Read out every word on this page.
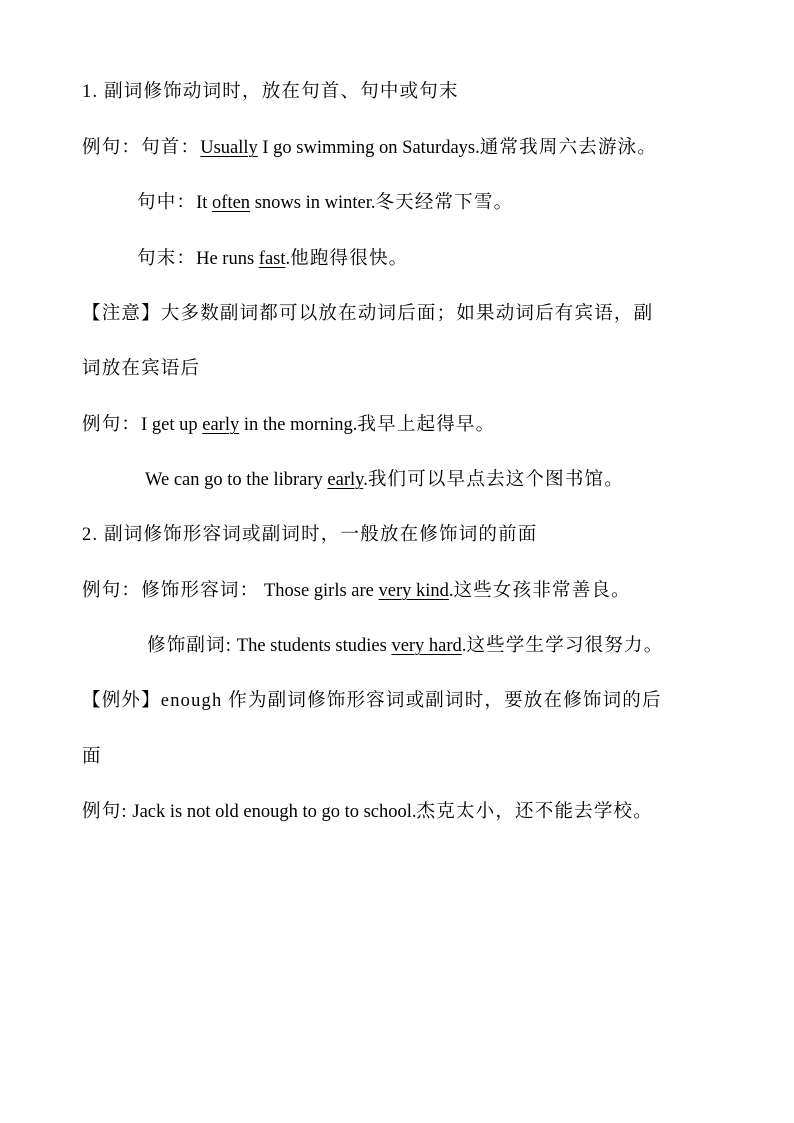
1. 副词修饰动词时，放在句首、句中或句末
例句：句首：Usually I go swimming on Saturdays.通常我周六去游泳。
句中：It often snows in winter.冬天经常下雪。
句末：He runs fast.他跑得很快。
【注意】大多数副词都可以放在动词后面；如果动词后有宾语，副
词放在宾语后
例句：I get up early in the morning.我早上起得早。
We can go to the library early.我们可以早点去这个图书馆。
2. 副词修饰形容词或副词时，一般放在修饰词的前面
例句：修饰形容词： Those girls are very kind.这些女孩非常善良。
修饰副词: The students studies very hard.这些学生学习很努力。
【例外】enough 作为副词修饰形容词或副词时，要放在修饰词的后
面
例句: Jack is not old enough to go to school.杰克太小，还不能去学校。
